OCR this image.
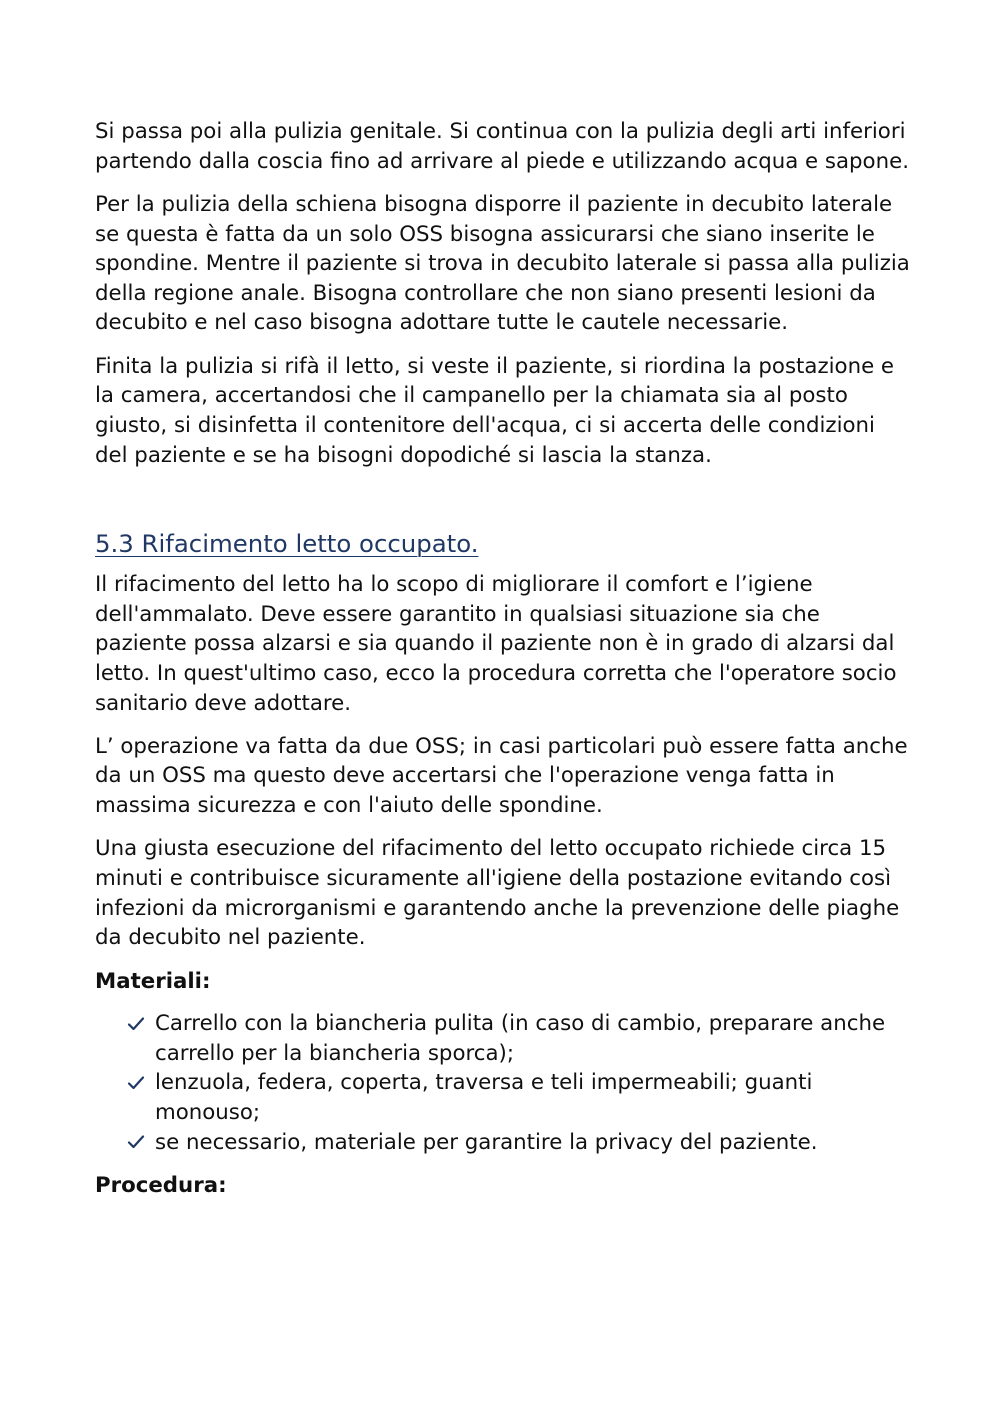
Si passa poi alla pulizia genitale. Si continua con la pulizia degli arti inferiori partendo dalla coscia fino ad arrivare al piede e utilizzando acqua e sapone.

Per la pulizia della schiena bisogna disporre il paziente in decubito laterale se questa è fatta da un solo OSS bisogna assicurarsi che siano inserite le spondine. Mentre il paziente si trova in decubito laterale si passa alla pulizia della regione anale. Bisogna controllare che non siano presenti lesioni da decubito e nel caso bisogna adottare tutte le cautele necessarie.

Finita la pulizia si rifà il letto, si veste il paziente, si riordina la postazione e la camera, accertandosi che il campanello per la chiamata sia al posto giusto, si disinfetta il contenitore dell'acqua, ci si accerta delle condizioni del paziente e se ha bisogni dopodiché si lascia la stanza.

5.3 Rifacimento letto occupato.

Il rifacimento del letto ha lo scopo di migliorare il comfort e l’igiene dell'ammalato. Deve essere garantito in qualsiasi situazione sia che paziente possa alzarsi e sia quando il paziente non è in grado di alzarsi dal letto. In quest'ultimo caso, ecco la procedura corretta che l'operatore socio sanitario deve adottare.

L’ operazione va fatta da due OSS; in casi particolari può essere fatta anche da un OSS ma questo deve accertarsi che l'operazione venga fatta in massima sicurezza e con l'aiuto delle spondine.

Una giusta esecuzione del rifacimento del letto occupato richiede circa 15 minuti e contribuisce sicuramente all'igiene della postazione evitando così infezioni da microrganismi e garantendo anche la prevenzione delle piaghe da decubito nel paziente.

Materiali:

Carrello con la biancheria pulita (in caso di cambio, preparare anche carrello per la biancheria sporca);
lenzuola, federa, coperta, traversa e teli impermeabili; guanti monouso;
se necessario, materiale per garantire la privacy del paziente.

Procedura:
